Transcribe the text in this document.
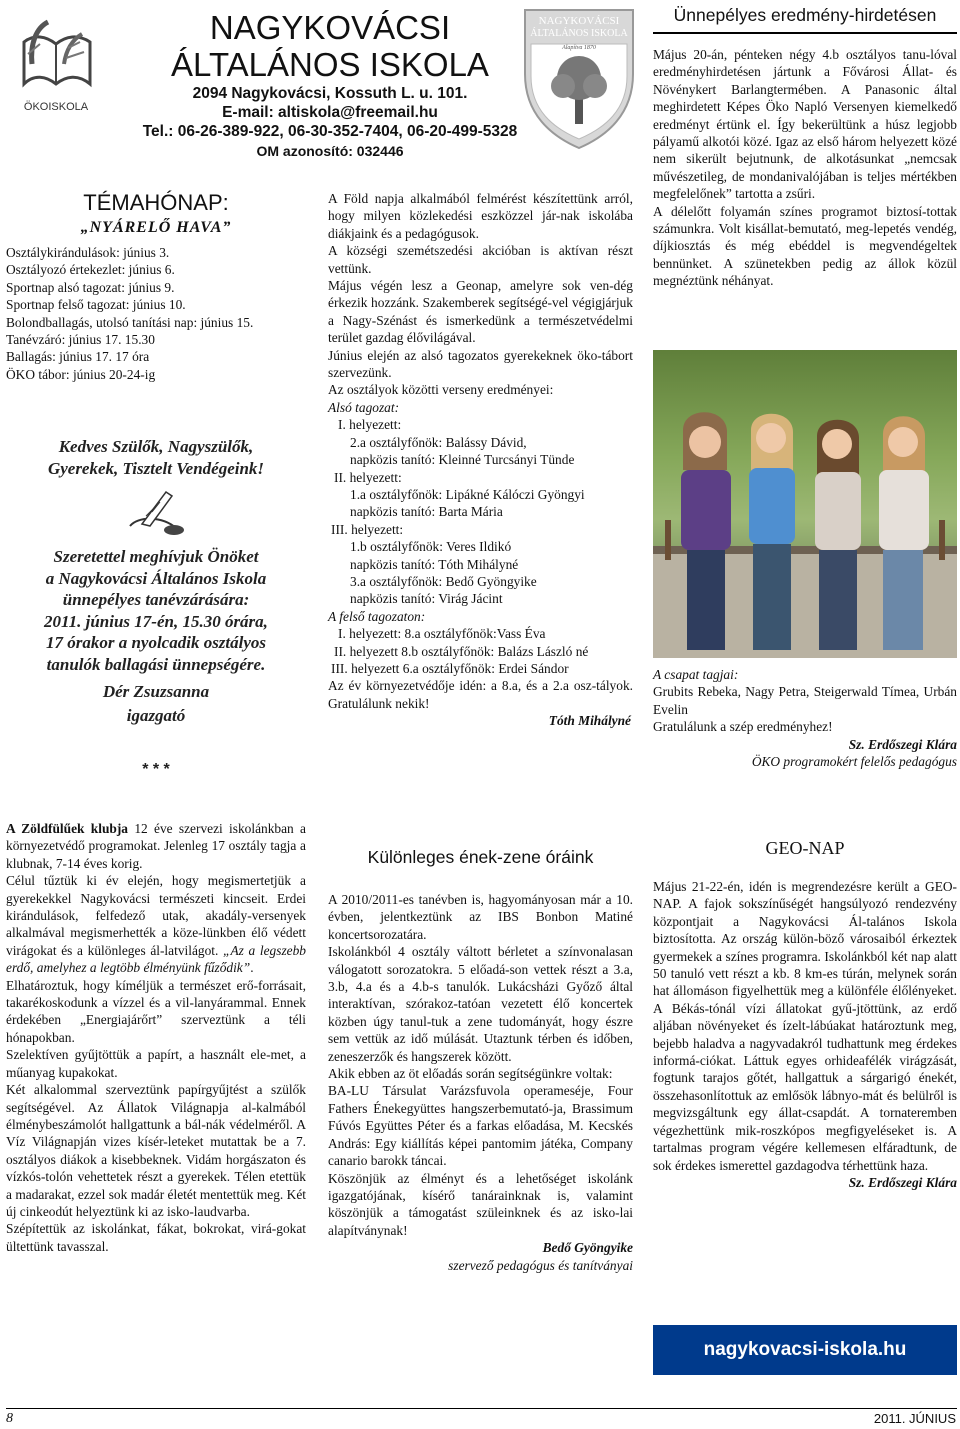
ÖKOISKOLA
NAGYKOVÁCSI
ÁLTALÁNOS ISKOLA
2094 Nagykovácsi, Kossuth L. u. 101.
E-mail: altiskola@freemail.hu
Tel.: 06-26-389-922, 06-30-352-7404, 06-20-499-5328
OM azonosító: 032446
NAGYKOVÁCSI
ÁLTALÁNOS ISKOLA
Alapítva 1870
TÉMAHÓNAP:
„NYÁRELŐ HAVA”
Osztálykirándulások: június 3.
Osztályozó értekezlet: június 6.
Sportnap alsó tagozat: június 9.
Sportnap felső tagozat: június 10.
Bolondballagás, utolsó tanítási nap: június 15.
Tanévzáró: június 17. 15.30
Ballagás: június 17. 17 óra
ÖKO tábor: június 20-24-ig
Kedves Szülők, Nagyszülők,
Gyerekek, Tisztelt Vendégeink!
Szeretettel meghívjuk Önöket
a Nagykovácsi Általános Iskola
ünnepélyes tanévzárására:
2011. június 17-én, 15.30 órára,
17 órakor a nyolcadik osztályos
tanulók ballagási ünnepségére.
Dér Zsuzsanna
igazgató
* * *

A Föld napja alkalmából felmérést készítettünk arról, hogy milyen közlekedési eszközzel jár-nak iskolába diákjaink és a pedagógusok.

A községi szemétszedési akcióban is aktívan részt vettünk.

Május végén lesz a Geonap, amelyre sok ven-dég érkezik hozzánk. Szakemberek segítségé-vel végigjárjuk a Nagy-Szénást és ismerkedünk a természetvédelmi terület gazdag élővilágával.

Június elején az alsó tagozatos gyerekeknek öko-tábort szervezünk.

Az osztályok közötti verseny eredményei:

Alsó tagozat:
I. helyezett:
2.a osztályfőnök: Balássy Dávid,
napközis tanító: Kleinné Turcsányi Tünde
II. helyezett:
1.a osztályfőnök: Lipákné Kálóczi Gyöngyi
napközis tanító: Barta Mária
III. helyezett:
1.b osztályfőnök: Veres Ildikó
napközis tanító: Tóth Mihályné
3.a osztályfőnök: Bedő Gyöngyike
napközis tanító: Virág Jácint
A felső tagozaton:
I. helyezett: 8.a osztályfőnök:Vass Éva
II. helyezett 8.b osztályfőnök: Balázs László né
III. helyezett 6.a osztályfőnök: Erdei Sándor

Az év környezetvédője idén: a 8.a, és a 2.a osz-tályok. Gratulálunk nekik!

Tóth Mihályné
Ünnepélyes eredmény-hirdetésen

Május 20-án, pénteken négy 4.b osztályos tanu-lóval eredményhirdetésen jártunk a Fővárosi Állat- és Növénykert Barlangtermében. A Panasonic által meghirdetett Képes Öko Napló Versenyen kiemelkedő eredményt értünk el. Így bekerültünk a húsz legjobb pályamű alkotói közé. Igaz az első három helyezett közé nem sikerült bejutnunk, de alkotásunkat „nemcsak művészetileg, de mondanivalójában is teljes mértékben megfelelőnek” tartotta a zsűri.

A délelőtt folyamán színes programot biztosí-tottak számunkra. Volt kisállat-bemutató, meg-lepetés vendég, díjkiosztás és még ebéddel is megvendégeltek bennünket. A szünetekben pedig az állok közül megnéztünk néhányat.

A csapat tagjai:
Grubits Rebeka, Nagy Petra, Steigerwald Tímea, Urbán Evelin
Gratulálunk a szép eredményhez!
Sz. Erdőszegi Klára
ÖKO programokért felelős pedagógus

A Zöldfülűek klubja 12 éve szervezi iskolánkban a környezetvédő programokat. Jelenleg 17 osztály tagja a klubnak, 7-14 éves korig.

Célul tűztük ki év elején, hogy megismertetjük a gyerekekkel Nagykovácsi természeti kincseit. Erdei kirándulások, felfedező utak, akadály-versenyek alkalmával megismerhették a köze-lünkben élő védett virágokat és a különleges ál-latvilágot. „Az a legszebb erdő, amelyhez a legtöbb élményünk fűződik”.

Elhatároztuk, hogy kíméljük a természet erő-forrásait, takarékoskodunk a vízzel és a vil-lanyárammal. Ennek érdekében „Energiajárőrt” szerveztünk a téli hónapokban.

Szelektíven gyűjtöttük a papírt, a használt ele-met, a műanyag kupakokat.

Két alkalommal szerveztünk papírgyűjtést a szülők segítségével. Az Állatok Világnapja al-kalmából élménybeszámolót hallgattunk a bál-nák védelméről. A Víz Világnapján vizes kísér-leteket mutattak be a 7. osztályos diákok a kisebbeknek. Vidám horgászaton és vízkós-tolón vehettetek részt a gyerekek. Télen etettük a madarakat, ezzel sok madár életét mentettük meg. Két új cinkeodút helyeztünk ki az isko-laudvarba.

Szépítettük az iskolánkat, fákat, bokrokat, virá-gokat ültettünk tavasszal.

Különleges ének-zene óráink

A 2010/2011-es tanévben is, hagyományosan már a 10. évben, jelentkeztünk az IBS Bonbon Matiné koncertsorozatára.

Iskolánkból 4 osztály váltott bérletet a színvonalasan válogatott sorozatokra. 5 előadá-son vettek részt a 3.a, 3.b, 4.a és a 4.b-s tanulók. Lukácsházi Győző által interaktívan, szórakoz-tatóan vezetett élő koncertek közben úgy tanul-tuk a zene tudományát, hogy észre sem vettük az idő múlását. Utaztunk térben és időben, zeneszerzők és hangszerek között.

Akik ebben az öt előadás során segítségünkre voltak:

BA-LU Társulat Varázsfuvola operameséje, Four Fathers Énekegyüttes hangszerbemutató-ja, Brassimum Fúvós Együttes Péter és a farkas előadása, M. Kecskés András: Egy kiállítás képei pantomim játéka, Company canario barokk táncai.

Köszönjük az élményt és a lehetőséget iskolánk igazgatójának, kísérő tanárainknak is, valamint köszönjük a támogatást szüleinknek és az isko-lai alapítványnak!

Bedő Gyöngyike
szervező pedagógus és tanítványai
GEO-NAP

Május 21-22-én, idén is megrendezésre került a GEO-NAP. A fajok sokszínűségét hangsúlyozó rendezvény központjait a Nagykovácsi Ál-talános Iskola biztosította. Az ország külön-böző városaiból érkeztek gyermekek a színes programra. Iskolánkból két nap alatt 50 tanuló vett részt a kb. 8 km-es túrán, melynek során hat állomáson figyelhettük meg a különféle élőlényeket. A Békás-tónál vízi állatokat gyű-jtöttünk, az erdő aljában növényeket és ízelt-lábúakat határoztunk meg, bejebb haladva a nagyvadakról tudhattunk meg érdekes informá-ciókat. Láttuk egyes orhideafélék virágzását, fogtunk tarajos gőtét, hallgattuk a sárgarigó énekét, összehasonlítottuk az emlősök lábnyo-mát és belülről is megvizsgáltunk egy állat-csapdát. A tornateremben végezhettünk mik-roszkópos megfigyeléseket is. A tartalmas program végére kellemesen elfáradtunk, de sok érdekes ismerettel gazdagodva térhettünk haza.

Sz. Erdőszegi Klára
nagykovacsi-iskola.hu
8	2011. JÚNIUS
